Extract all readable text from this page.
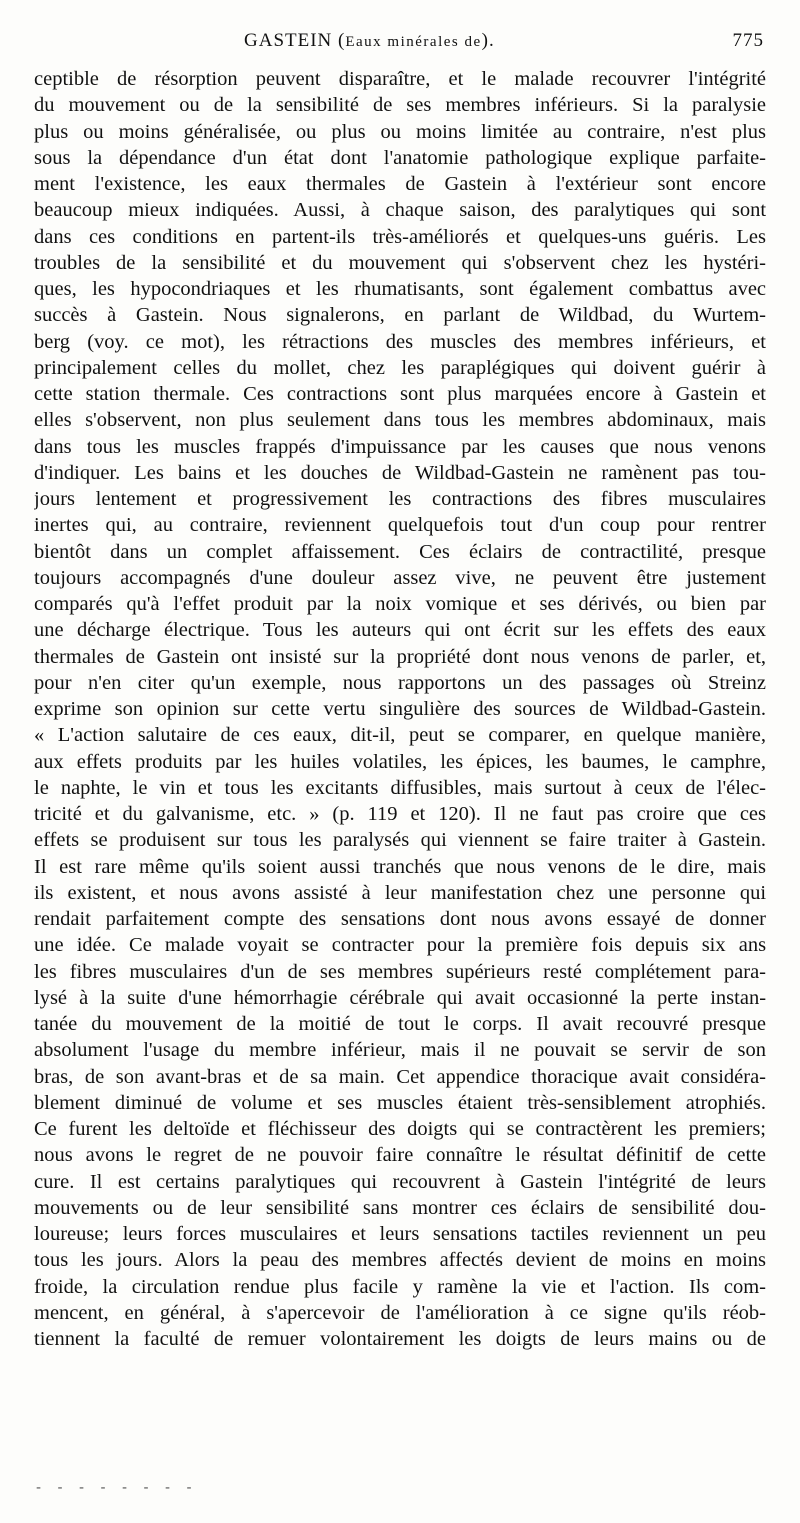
GASTEIN (Eaux minérales de).	775
ceptible de résorption peuvent disparaître, et le malade recouvrer l'intégrité
du mouvement ou de la sensibilité de ses membres inférieurs. Si la paralysie
plus ou moins généralisée, ou plus ou moins limitée au contraire, n'est plus
sous la dépendance d'un état dont l'anatomie pathologique explique parfaite-
ment l'existence, les eaux thermales de Gastein à l'extérieur sont encore
beaucoup mieux indiquées. Aussi, à chaque saison, des paralytiques qui sont
dans ces conditions en partent-ils très-améliorés et quelques-uns guéris. Les
troubles de la sensibilité et du mouvement qui s'observent chez les hystéri-
ques, les hypocondriaques et les rhumatisants, sont également combattus avec
succès à Gastein. Nous signalerons, en parlant de Wildbad, du Wurtem-
berg (voy. ce mot), les rétractions des muscles des membres inférieurs, et
principalement celles du mollet, chez les paraplégiques qui doivent guérir à
cette station thermale. Ces contractions sont plus marquées encore à Gastein et
elles s'observent, non plus seulement dans tous les membres abdominaux, mais
dans tous les muscles frappés d'impuissance par les causes que nous venons
d'indiquer. Les bains et les douches de Wildbad-Gastein ne ramènent pas tou-
jours lentement et progressivement les contractions des fibres musculaires
inertes qui, au contraire, reviennent quelquefois tout d'un coup pour rentrer
bientôt dans un complet affaissement. Ces éclairs de contractilité, presque
toujours accompagnés d'une douleur assez vive, ne peuvent être justement
comparés qu'à l'effet produit par la noix vomique et ses dérivés, ou bien par
une décharge électrique. Tous les auteurs qui ont écrit sur les effets des eaux
thermales de Gastein ont insisté sur la propriété dont nous venons de parler, et,
pour n'en citer qu'un exemple, nous rapportons un des passages où Streinz
exprime son opinion sur cette vertu singulière des sources de Wildbad-Gastein.
« L'action salutaire de ces eaux, dit-il, peut se comparer, en quelque manière,
aux effets produits par les huiles volatiles, les épices, les baumes, le camphre,
le naphte, le vin et tous les excitants diffusibles, mais surtout à ceux de l'élec-
tricité et du galvanisme, etc. » (p. 119 et 120). Il ne faut pas croire que ces
effets se produisent sur tous les paralysés qui viennent se faire traiter à Gastein.
Il est rare même qu'ils soient aussi tranchés que nous venons de le dire, mais
ils existent, et nous avons assisté à leur manifestation chez une personne qui
rendait parfaitement compte des sensations dont nous avons essayé de donner
une idée. Ce malade voyait se contracter pour la première fois depuis six ans
les fibres musculaires d'un de ses membres supérieurs resté complétement para-
lysé à la suite d'une hémorrhagie cérébrale qui avait occasionné la perte instan-
tanée du mouvement de la moitié de tout le corps. Il avait recouvré presque
absolument l'usage du membre inférieur, mais il ne pouvait se servir de son
bras, de son avant-bras et de sa main. Cet appendice thoracique avait considéra-
blement diminué de volume et ses muscles étaient très-sensiblement atrophiés.
Ce furent les deltoïde et fléchisseur des doigts qui se contractèrent les premiers;
nous avons le regret de ne pouvoir faire connaître le résultat définitif de cette
cure. Il est certains paralytiques qui recouvrent à Gastein l'intégrité de leurs
mouvements ou de leur sensibilité sans montrer ces éclairs de sensibilité dou-
loureuse; leurs forces musculaires et leurs sensations tactiles reviennent un peu
tous les jours. Alors la peau des membres affectés devient de moins en moins
froide, la circulation rendue plus facile y ramène la vie et l'action. Ils com-
mencent, en général, à s'apercevoir de l'amélioration à ce signe qu'ils réob-
tiennent la faculté de remuer volontairement les doigts de leurs mains ou de
- - - - - - - -
